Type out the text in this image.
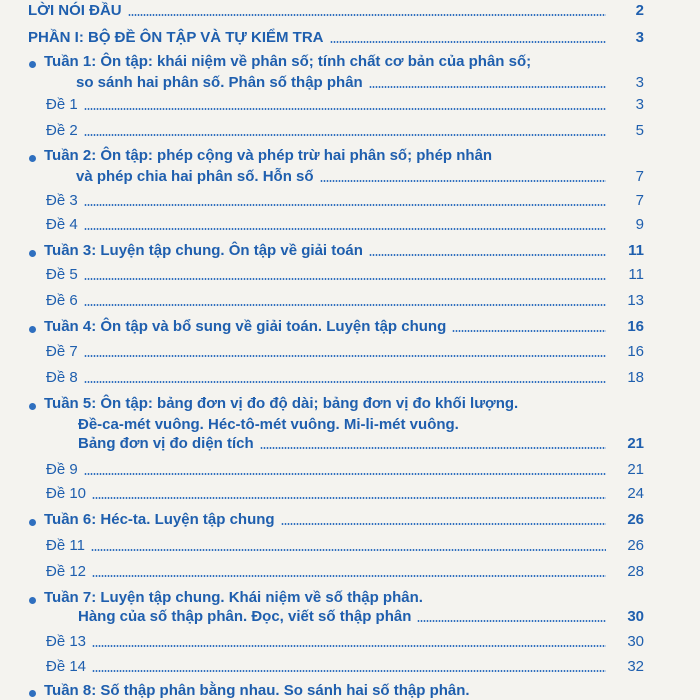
LỜI NÓI ĐẦU	2
PHẦN I: BỘ ĐỀ ÔN TẬP VÀ TỰ KIỂM TRA	3
Tuần 1: Ôn tập: khái niệm về phân số; tính chất cơ bản của phân số;
so sánh hai phân số. Phân số thập phân	3
Đề 1	3
Đề 2	5
Tuần 2: Ôn tập: phép cộng và phép trừ hai phân số; phép nhân
và phép chia hai phân số. Hỗn số	7
Đề 3	7
Đề 4	9
Tuần 3: Luyện tập chung. Ôn tập về giải toán	11
Đề 5	11
Đề 6	13
Tuần 4: Ôn tập và bổ sung về giải toán. Luyện tập chung	16
Đề 7	16
Đề 8	18
Tuần 5: Ôn tập: bảng đơn vị đo độ dài; bảng đơn vị đo khối lượng.
Đề-ca-mét vuông. Héc-tô-mét vuông. Mi-li-mét vuông.
Bảng đơn vị đo diện tích	21
Đề 9	21
Đề 10	24
Tuần 6: Héc-ta. Luyện tập chung	26
Đề 11	26
Đề 12	28
Tuần 7: Luyện tập chung. Khái niệm về số thập phân.
Hàng của số thập phân. Đọc, viết số thập phân	30
Đề 13	30
Đề 14	32
Tuần 8: Số thập phân bằng nhau. So sánh hai số thập phân.
